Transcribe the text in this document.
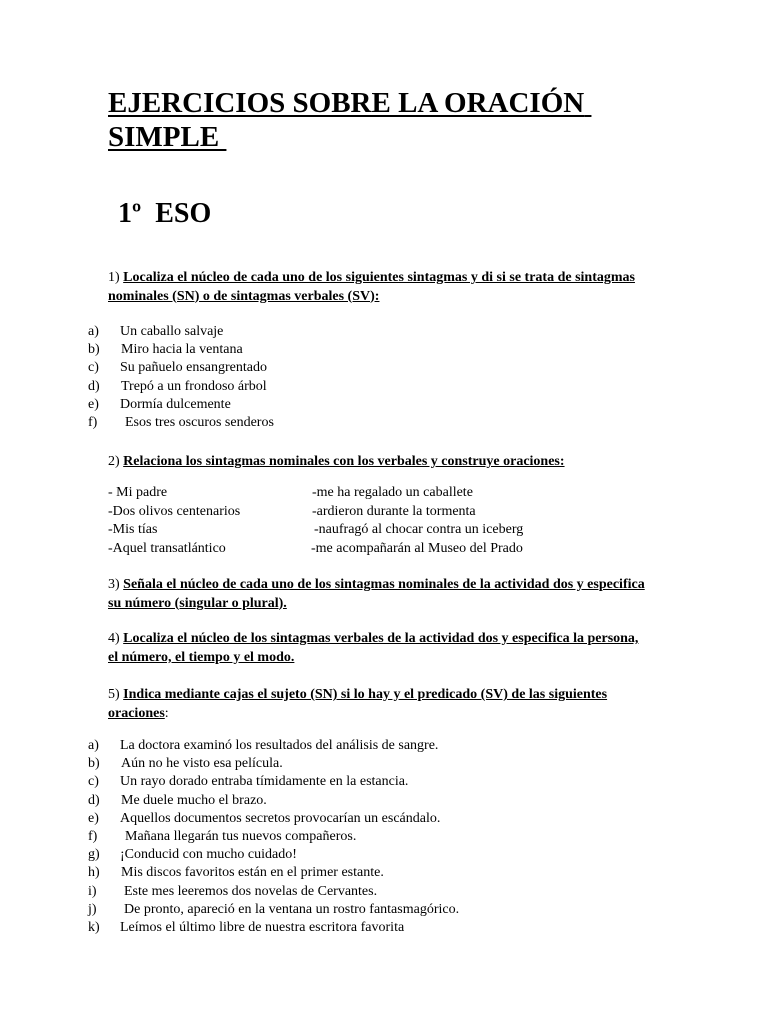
EJERCICIOS SOBRE LA ORACIÓN SIMPLE
1º  ESO

1) Localiza el núcleo de cada uno de los siguientes sintagmas y di si se trata de sintagmas nominales (SN) o de sintagmas verbales (SV):

a) Un caballo salvaje
b) Miro hacia la ventana
c) Su pañuelo ensangrentado
d) Trepó a un frondoso árbol
e) Dormía dulcemente
f) Esos tres oscuros senderos

2) Relaciona los sintagmas nominales con los verbales y construye oraciones:

- Mi padre	-me ha regalado un caballete
-Dos olivos centenarios	-ardieron durante la tormenta
-Mis tías	-naufragó al chocar contra un iceberg
-Aquel transatlántico	-me acompañarán al Museo del Prado

3) Señala el núcleo de cada uno de los sintagmas nominales de la actividad dos y especifica su número (singular o plural).

4) Localiza el núcleo de los sintagmas verbales de la actividad dos y especifica la persona, el número, el tiempo y el modo.

5) Indica mediante cajas el sujeto (SN) si lo hay y el predicado (SV) de las siguientes oraciones:

a) La doctora examinó los resultados del análisis de sangre.
b) Aún no he visto esa película.
c) Un rayo dorado entraba tímidamente en la estancia.
d) Me duele mucho el brazo.
e) Aquellos documentos secretos provocarían un escándalo.
f) Mañana llegarán tus nuevos compañeros.
g) ¡Conducid con mucho cuidado!
h) Mis discos favoritos están en el primer estante.
i) Este mes leeremos dos novelas de Cervantes.
j) De pronto, apareció en la ventana un rostro fantasmagórico.
k) Leímos el último libre de nuestra escritora favorita
